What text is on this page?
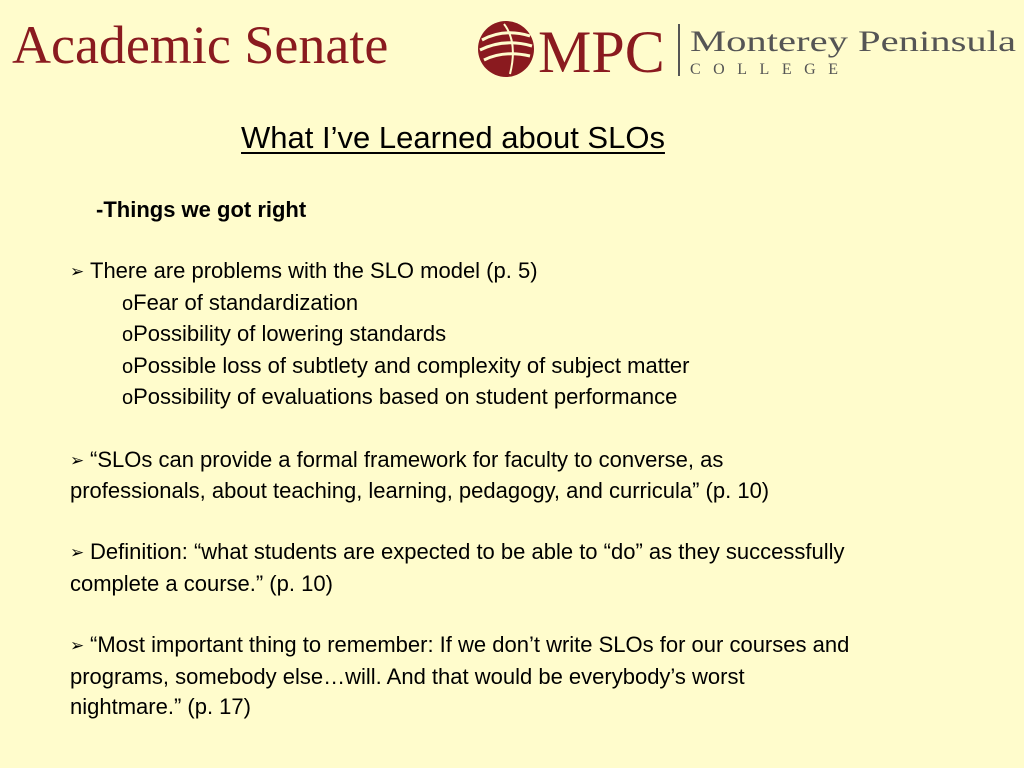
Academic Senate MPC Monterey Peninsula
COLLEGE
What I’ve Learned about SLOs
-Things we got right
➢ There are problems with the SLO model (p. 5)
oFear of standardization
oPossibility of lowering standards
oPossible loss of subtlety and complexity of subject matter
oPossibility of evaluations based on student performance
➢ “SLOs can provide a formal framework for faculty to converse, as
professionals, about teaching, learning, pedagogy, and curricula” (p. 10)
➢ Definition: “what students are expected to be able to “do” as they successfully
complete a course.” (p. 10)
➢ “Most important thing to remember: If we don’t write SLOs for our courses and
programs, somebody else…will. And that would be everybody’s worst
nightmare.” (p. 17)
